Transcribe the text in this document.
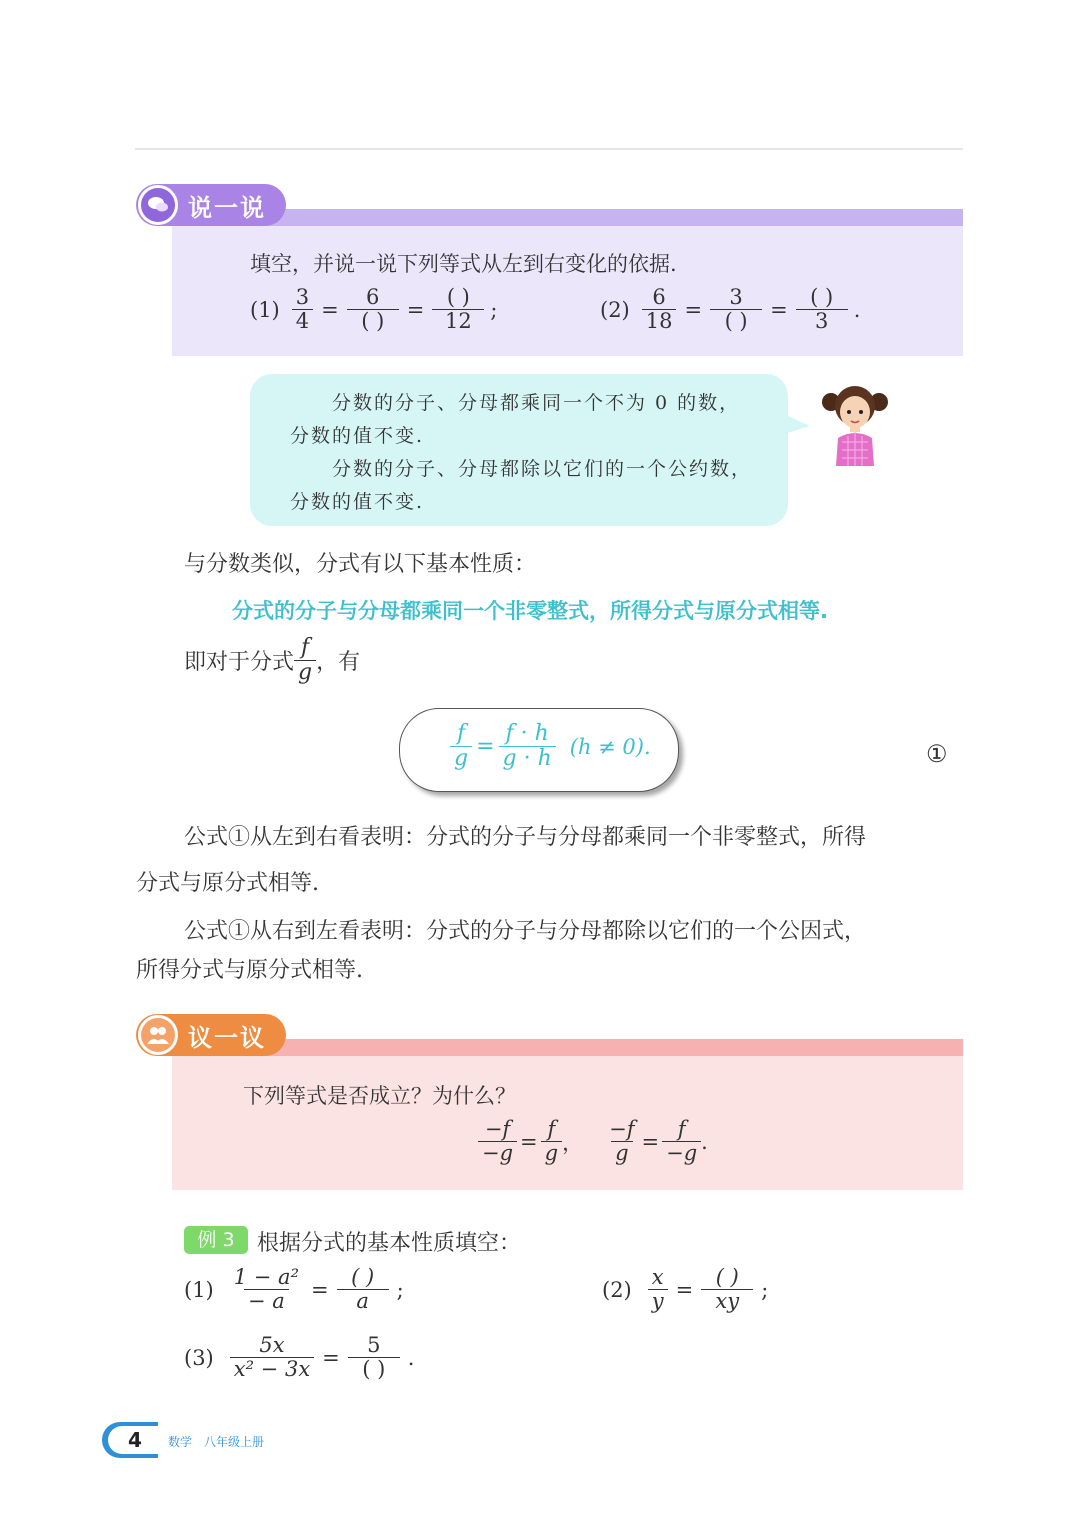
说一说
填空，并说一说下列等式从左到右变化的依据.
$(1) \frac{3}{4} = \frac{6}{( )} = \frac{( )}{12}$ ;	$(2) \frac{6}{18} = \frac{3}{( )} = \frac{( )}{3}$ .
分数的分子、分母都乘同一个不为 0 的数，
分数的值不变.
分数的分子、分母都除以它们的一个公约数，
分数的值不变.
与分数类似，分式有以下基本性质：
分式的分子与分母都乘同一个非零整式，所得分式与原分式相等.
即对于分式 $\frac{f}{g}$ ，有
$\frac{f}{g} = \frac{f \cdot h}{g \cdot h} (h \ne 0)$.	①
公式①从左到右看表明：分式的分子与分母都乘同一个非零整式，所得
分式与原分式相等.
公式①从右到左看表明：分式的分子与分母都除以它们的一个公因式，
所得分式与原分式相等.
议一议
下列等式是否成立？为什么？
$\frac{-f}{-g} = \frac{f}{g}$ ， $\frac{-f}{g} = \frac{f}{-g}$ .
例 3	根据分式的基本性质填空：
$(1) \frac{\text{1 − a²}}{- a} = \frac{( )}{a}$ ;	$(2) \frac{x}{y} = \frac{( )}{xy}$ ;
$(3) \frac{5x}{\text{x² − 3x}} = \frac{5}{( )}$ .
4 数学　八年级上册
